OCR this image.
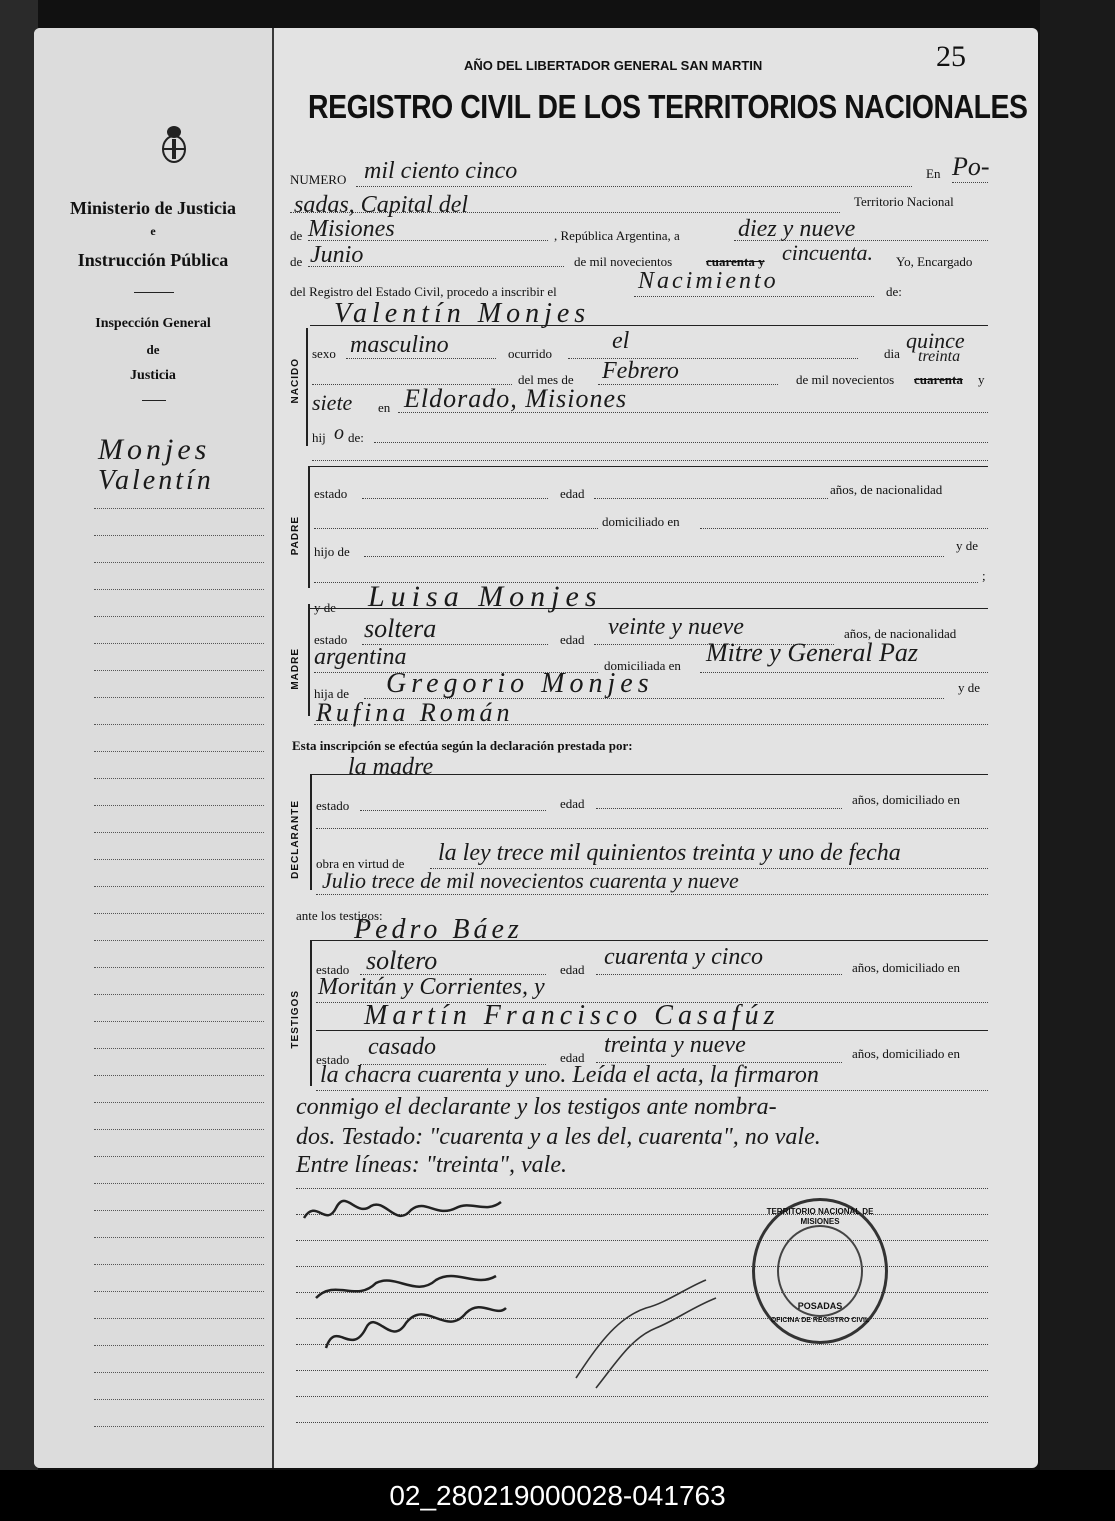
Ministerio de Justicia
e
Instrucción Pública
Inspección General
de
Justicia
Monjes
Valentín
AÑO DEL LIBERTADOR GENERAL SAN MARTIN	25
REGISTRO CIVIL DE LOS TERRITORIOS NACIONALES
NUMERO mil ciento cinco	En Po-
sadas, Capital del	Territorio Nacional
de Misiones	, República Argentina, a diez y nueve
de Junio	de mil novecientos	cuarenta y cincuenta. Yo, Encargado
del Registro del Estado Civil, procedo a inscribir el	Nacimiento	de:
NACIDO
Valentín Monjes
sexo masculino	ocurrido el	dia
quince
treinta
del mes de Febrero	de mil novecientos cuarenta y
siete en Eldorado, Misiones
hij o de:
PADRE
estado	edad	años, de nacionalidad
domiciliado en
hijo de	y de
;
MADRE
y de Luisa Monjes
estado soltera	edad veinte y nueve	años, de nacionalidad
argentina	domiciliada en Mitre y General Paz
hija de Gregorio Monjes	y de
Rufina Román
Esta inscripción se efectúa según la declaración prestada por:
la madre
DECLARANTE estado	edad	años, domiciliado en
obra en virtud de la ley trece mil quinientos treinta y uno de fecha
Julio trece de mil novecientos cuarenta y nueve
ante los testigos:
TESTIGOS
Pedro Báez
estado soltero	edad cuarenta y cinco	años, domiciliado en
Moritán y Corrientes, y
Martín Francisco Casafúz
estado casado	edad treinta y nueve	años, domiciliado en
la chacra cuarenta y uno. Leída el acta, la firmaron
conmigo el declarante y los testigos ante nombra-
dos. Testado: "cuarenta y a les del, cuarenta", no vale.
Entre líneas: "treinta", vale.
TERRITORIO NACIONAL DE MISIONES
POSADAS
OFICINA DE REGISTRO CIVIL
02_280219000028-041763
